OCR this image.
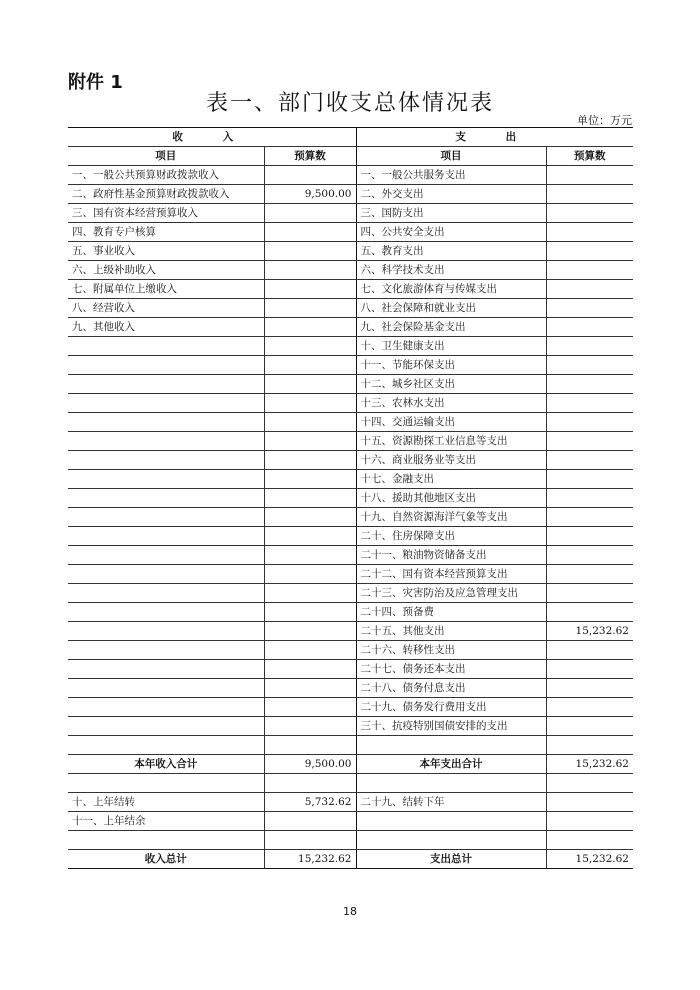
附件 1
表一、部门收支总体情况表
单位：万元
收 入		支 出	
项目	预算数	项目	预算数
一、一般公共预算财政拨款收入		一、一般公共服务支出	
二、政府性基金预算财政拨款收入	9,500.00	二、外交支出	
三、国有资本经营预算收入		三、国防支出	
四、教育专户核算		四、公共安全支出	
五、事业收入		五、教育支出	
六、上级补助收入		六、科学技术支出	
七、附属单位上缴收入		七、文化旅游体育与传媒支出	
八、经营收入		八、社会保障和就业支出	
九、其他收入		九、社会保险基金支出	
		十、卫生健康支出	
		十一、节能环保支出	
		十二、城乡社区支出	
		十三、农林水支出	
		十四、交通运输支出	
		十五、资源勘探工业信息等支出	
		十六、商业服务业等支出	
		十七、金融支出	
		十八、援助其他地区支出	
		十九、自然资源海洋气象等支出	
		二十、住房保障支出	
		二十一、粮油物资储备支出	
		二十二、国有资本经营预算支出	
		二十三、灾害防治及应急管理支出	
		二十四、预备费	
		二十五、其他支出	15,232.62
		二十六、转移性支出	
		二十七、债务还本支出	
		二十八、债务付息支出	
		二十九、债务发行费用支出	
		三十、抗疫特别国债安排的支出	

本年收入合计	9,500.00	本年支出合计	15,232.62

十、上年结转	5,732.62	二十九、结转下年	
十一、上年结余			

收入总计	15,232.62	支出总计	15,232.62
18
